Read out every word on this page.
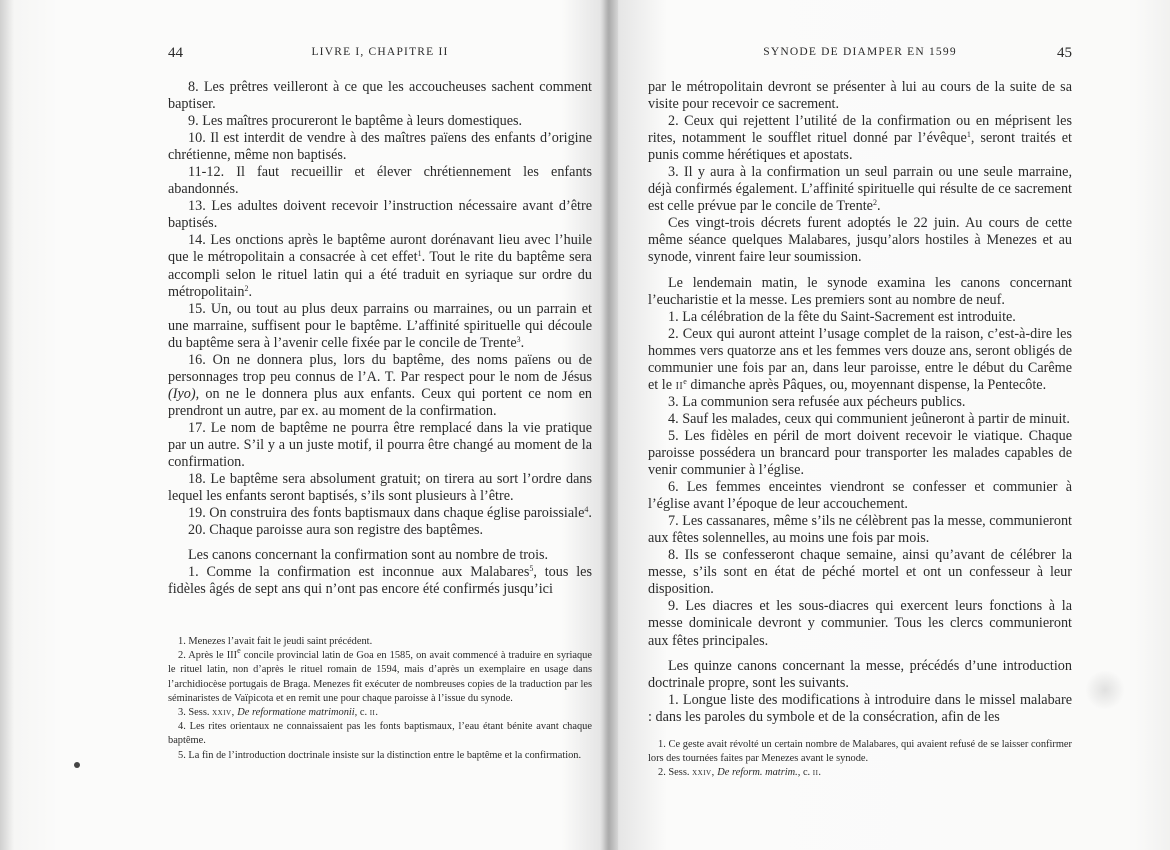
44	LIVRE I, CHAPITRE II

8. Les prêtres veilleront à ce que les accoucheuses sachent comment baptiser.

9. Les maîtres procureront le baptême à leurs domestiques.

10. Il est interdit de vendre à des maîtres païens des enfants d’origine chrétienne, même non baptisés.

11-12. Il faut recueillir et élever chrétiennement les enfants abandonnés.

13. Les adultes doivent recevoir l’instruction nécessaire avant d’être baptisés.

14. Les onctions après le baptême auront dorénavant lieu avec l’huile que le métropolitain a consacrée à cet effet$^1$. Tout le rite du baptême sera accompli selon le rituel latin qui a été traduit en syriaque sur ordre du métropolitain$^2$.

15. Un, ou tout au plus deux parrains ou marraines, ou un parrain et une marraine, suffisent pour le baptême. L’affinité spirituelle qui découle du baptême sera à l’avenir celle fixée par le concile de Trente$^3$.

16. On ne donnera plus, lors du baptême, des noms païens ou de personnages trop peu connus de l’A. T. Par respect pour le nom de Jésus (Iyo), on ne le donnera plus aux enfants. Ceux qui portent ce nom en prendront un autre, par ex. au moment de la confirmation.

17. Le nom de baptême ne pourra être remplacé dans la vie pratique par un autre. S’il y a un juste motif, il pourra être changé au moment de la confirmation.

18. Le baptême sera absolument gratuit; on tirera au sort l’ordre dans lequel les enfants seront baptisés, s’ils sont plusieurs à l’être.

19. On construira des fonts baptismaux dans chaque église paroissiale$^4$.

20. Chaque paroisse aura son registre des baptêmes.

Les canons concernant la confirmation sont au nombre de trois.

1. Comme la confirmation est inconnue aux Malabares$^5$, tous les fidèles âgés de sept ans qui n’ont pas encore été confirmés jusqu’ici

1. Menezes l’avait fait le jeudi saint précédent.

2. Après le IIIe concile provincial latin de Goa en 1585, on avait commencé à traduire en syriaque le rituel latin, non d’après le rituel romain de 1594, mais d’après un exemplaire en usage dans l’archidiocèse portugais de Braga. Menezes fit exécuter de nombreuses copies de la traduction par les séminaristes de Vaïpicota et en remit une pour chaque paroisse à l’issue du synode.

3. Sess. xxiv, De reformatione matrimonii, c. ii.

4. Les rites orientaux ne connaissaient pas les fonts baptismaux, l’eau étant bénite avant chaque baptême.

5. La fin de l’introduction doctrinale insiste sur la distinction entre le baptême et la confirmation.

SYNODE DE DIAMPER EN 1599	45

par le métropolitain devront se présenter à lui au cours de la suite de sa visite pour recevoir ce sacrement.

2. Ceux qui rejettent l’utilité de la confirmation ou en méprisent les rites, notamment le soufflet rituel donné par l’évêque$^1$, seront traités et punis comme hérétiques et apostats.

3. Il y aura à la confirmation un seul parrain ou une seule marraine, déjà confirmés également. L’affinité spirituelle qui résulte de ce sacrement est celle prévue par le concile de Trente$^2$.

Ces vingt-trois décrets furent adoptés le 22 juin. Au cours de cette même séance quelques Malabares, jusqu’alors hostiles à Menezes et au synode, vinrent faire leur soumission.

Le lendemain matin, le synode examina les canons concernant l’eucharistie et la messe. Les premiers sont au nombre de neuf.

1. La célébration de la fête du Saint-Sacrement est introduite.

2. Ceux qui auront atteint l’usage complet de la raison, c’est-à-dire les hommes vers quatorze ans et les femmes vers douze ans, seront obligés de communier une fois par an, dans leur paroisse, entre le début du Carême et le $ii^e$ dimanche après Pâques, ou, moyennant dispense, la Pentecôte.

3. La communion sera refusée aux pécheurs publics.

4. Sauf les malades, ceux qui communient jeûneront à partir de minuit.

5. Les fidèles en péril de mort doivent recevoir le viatique. Chaque paroisse possédera un brancard pour transporter les malades capables de venir communier à l’église.

6. Les femmes enceintes viendront se confesser et communier à l’église avant l’époque de leur accouchement.

7. Les cassanares, même s’ils ne célèbrent pas la messe, communieront aux fêtes solennelles, au moins une fois par mois.

8. Ils se confesseront chaque semaine, ainsi qu’avant de célébrer la messe, s’ils sont en état de péché mortel et ont un confesseur à leur disposition.

9. Les diacres et les sous-diacres qui exercent leurs fonctions à la messe dominicale devront y communier. Tous les clercs communieront aux fêtes principales.

Les quinze canons concernant la messe, précédés d’une introduction doctrinale propre, sont les suivants.

1. Longue liste des modifications à introduire dans le missel malabare : dans les paroles du symbole et de la consécration, afin de les

1. Ce geste avait révolté un certain nombre de Malabares, qui avaient refusé de se laisser confirmer lors des tournées faites par Menezes avant le synode.

2. Sess. xxiv, De reform. matrim., c. ii.
